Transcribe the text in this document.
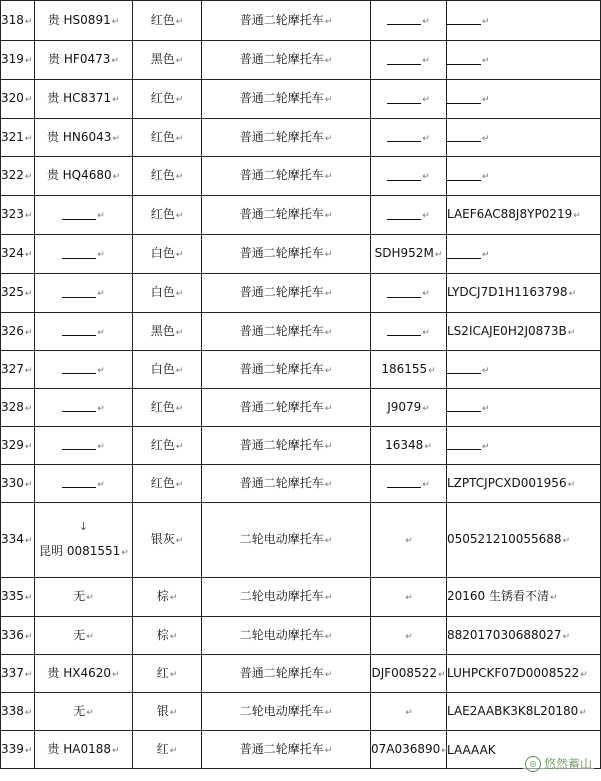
318↵	贵 HS0891↵	红色↵	普通二轮摩托车↵	↵	↵
319↵	贵 HF0473↵	黑色↵	普通二轮摩托车↵	↵	↵
320↵	贵 HC8371↵	红色↵	普通二轮摩托车↵	↵	↵
321↵	贵 HN6043↵	红色↵	普通二轮摩托车↵	↵	↵
322↵	贵 HQ4680↵	红色↵	普通二轮摩托车↵	↵	↵
323↵	↵	红色↵	普通二轮摩托车↵	↵	LAEF6AC88J8YP0219↵
324↵	↵	白色↵	普通二轮摩托车↵	SDH952M↵	↵
325↵	↵	白色↵	普通二轮摩托车↵	↵	LYDCJ7D1H1163798↵
326↵	↵	黑色↵	普通二轮摩托车↵	↵	LS2ICAJE0H2J0873B↵
327↵	↵	白色↵	普通二轮摩托车↵	186155↵	↵
328↵	↵	红色↵	普通二轮摩托车↵	J9079↵	↵
329↵	↵	红色↵	普通二轮摩托车↵	16348↵	↵
330↵	↵	红色↵	普通二轮摩托车↵	↵	LZPTCJPCXD001956↵
334↵	↓
昆明 0081551↵	银灰↵	二轮电动摩托车↵	↵	050521210055688↵
335↵	无↵	棕↵	二轮电动摩托车↵	↵	20160 生锈看不清↵
336↵	无↵	棕↵	二轮电动摩托车↵	↵	882017030688027↵
337↵	贵 HX4620↵	红↵	普通二轮摩托车↵	DJF008522↵	LUHPCKF07D0008522↵
338↵	无↵	银↵	二轮电动摩托车↵	↵	LAE2AABK3K8L20180↵
339↵	贵 HA0188↵	红↵	普通二轮摩托车↵	07A036890↵	LAAAAK
◎ 悠然蓄山
